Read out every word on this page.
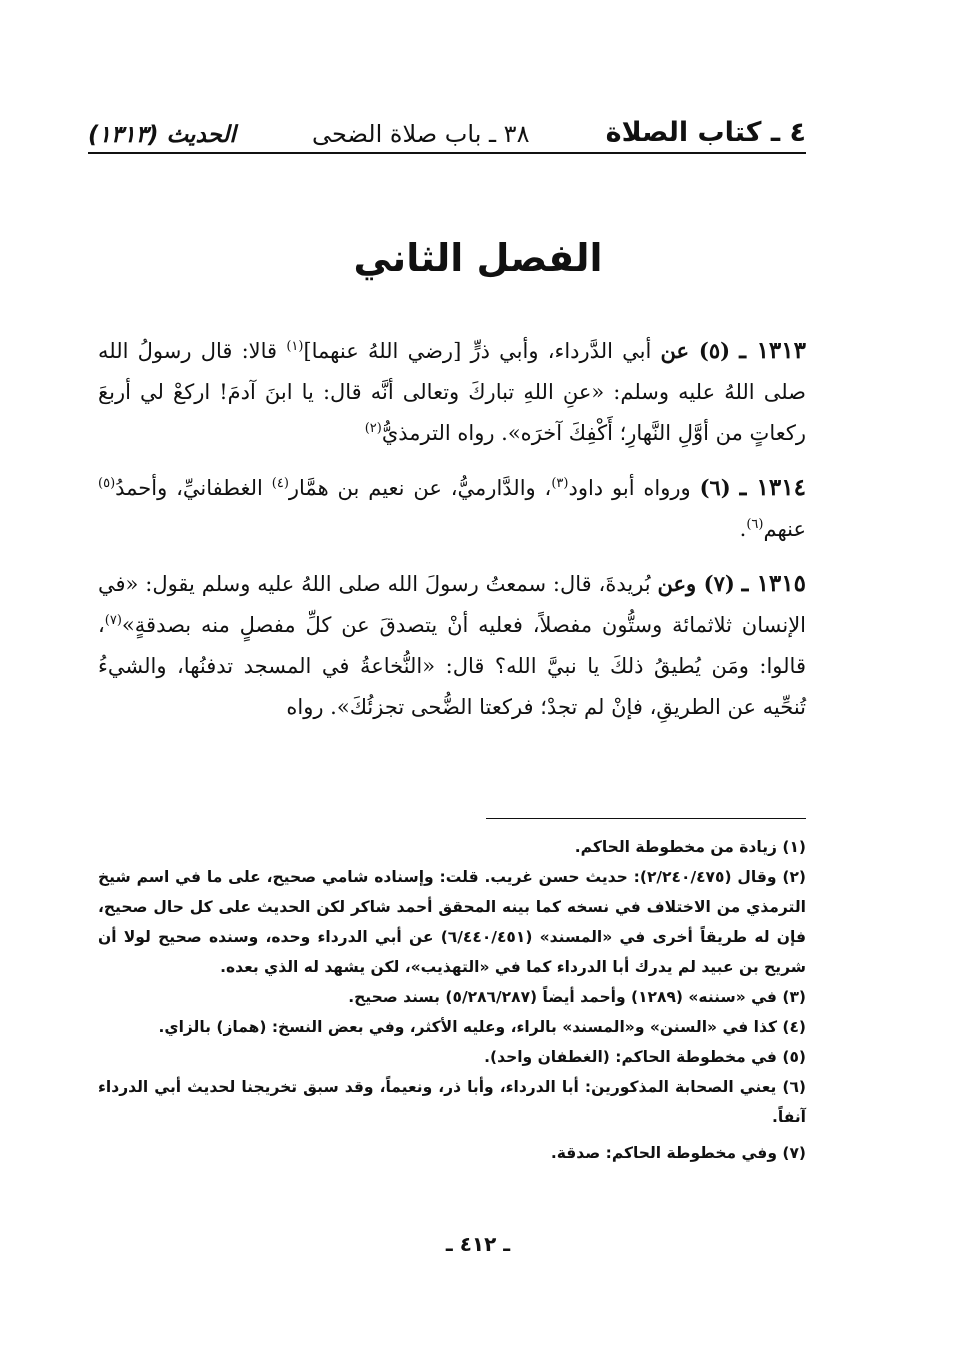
٤ ـ كتاب الصلاة
٣٨ ـ باب صلاة الضحى
الحديث (١٣١٣)
الفصل الثاني

١٣١٣ ـ (٥) عن أبي الدَّرداء، وأبي ذرٍّ [رضي اللهُ عنهما]$^{(١)}$ قالا: قال رسولُ الله صلى اللهُ عليه وسلم: «عنِ اللهِ تباركَ وتعالى أنَّه قال: يا ابنَ آدمَ! اركعْ لي أربعَ ركعاتٍ من أوَّلِ النَّهارِ؛ أَكْفِكَ آخرَه». رواه الترمذيُّ$^{(٢)}$

١٣١٤ ـ (٦) ورواه أبو داود$^{(٣)}$، والدَّارميُّ، عن نعيم بن همَّار$^{(٤)}$ الغطفانيِّ، وأحمدُ$^{(٥)}$ عنهم$^{(٦)}$.

١٣١٥ ـ (٧) وعن بُريدةَ، قال: سمعتُ رسولَ الله صلى اللهُ عليه وسلم يقول: «في الإنسان ثلاثمائة وستُّون مفصلاً، فعليه أنْ يتصدقَ عن كلِّ مفصلٍ منه بصدقةٍ»$^{(٧)}$، قالوا: ومَن يُطيقُ ذلكَ يا نبيَّ الله؟ قال: «النُّخاعةُ في المسجد تدفنُها، والشيءُ تُنحِّيه عن الطريقِ، فإنْ لم تجدْ؛ فركعتا الضُّحى تجزئُكَ». رواه

(١) زيادة من مخطوطة الحاكم.

(٢) وقال (٢/٢٤٠/٤٧٥): حديث حسن غريب. قلت: وإسناده شامي صحيح، على ما في اسم شيخ الترمذي من الاختلاف في نسخه كما بينه المحقق أحمد شاكر لكن الحديث على كل حال صحيح، فإن له طريقاً أخرى في «المسند» (٦/٤٤٠/٤٥١) عن أبي الدرداء وحده، وسنده صحيح لولا أن شريح بن عبيد لم يدرك أبا الدرداء كما في «التهذيب»، لكن يشهد له الذي بعده.

(٣) في «سننه» (١٢٨٩) وأحمد أيضاً (٥/٢٨٦/٢٨٧) بسند صحيح.

(٤) كذا في «السنن» و«المسند» بالراء، وعليه الأكثر، وفي بعض النسخ: (هماز) بالزاي.

(٥) في مخطوطة الحاكم: (الغطفان واحد).

(٦) يعني الصحابة المذكورين: أبا الدرداء، وأبا ذر، ونعيماً، وقد سبق تخريجنا لحديث أبي الدرداء آنفاً.

(٧) وفي مخطوطة الحاكم: صدقة.

ـ ٤١٢ ـ
